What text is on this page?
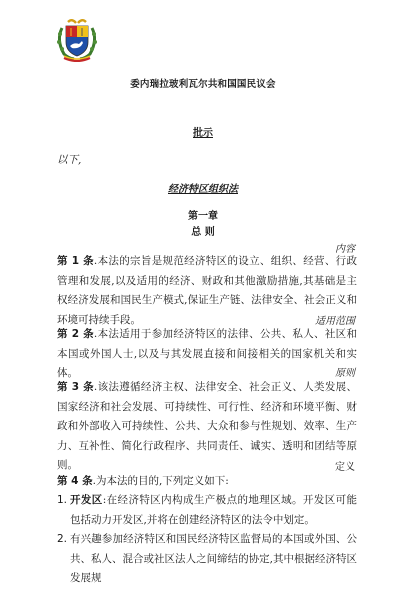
委内瑞拉玻利瓦尔共和国国民议会
批示
以下,
经济特区组织法
第一章
总 则
内容
第 1 条.本法的宗旨是规范经济特区的设立、组织、经营、行政管理和发展,以及适用的经济、财政和其他激励措施,其基础是主权经济发展和国民生产模式,保证生产链、法律安全、社会正义和环境可持续手段。	适用范围
第 2 条.本法适用于参加经济特区的法律、公共、私人、社区和本国或外国人士,以及与其发展直接和间接相关的国家机关和实体。	原则
第 3 条.该法遵循经济主权、法律安全、社会正义、人类发展、国家经济和社会发展、可持续性、可行性、经济和环境平衡、财政和外部收入可持续性、公共、大众和参与性规划、效率、生产力、互补性、简化行政程序、共同责任、诚实、透明和团结等原则。	定义
第 4 条.为本法的目的,下列定义如下:
1. 开发区:在经济特区内构成生产极点的地理区域。开发区可能包括动力开发区,并将在创建经济特区的法令中划定。
2. 有兴趣参加经济特区和国民经济特区监督局的本国或外国、公共、私人、混合或社区法人之间缔结的协定,其中根据经济特区发展规
